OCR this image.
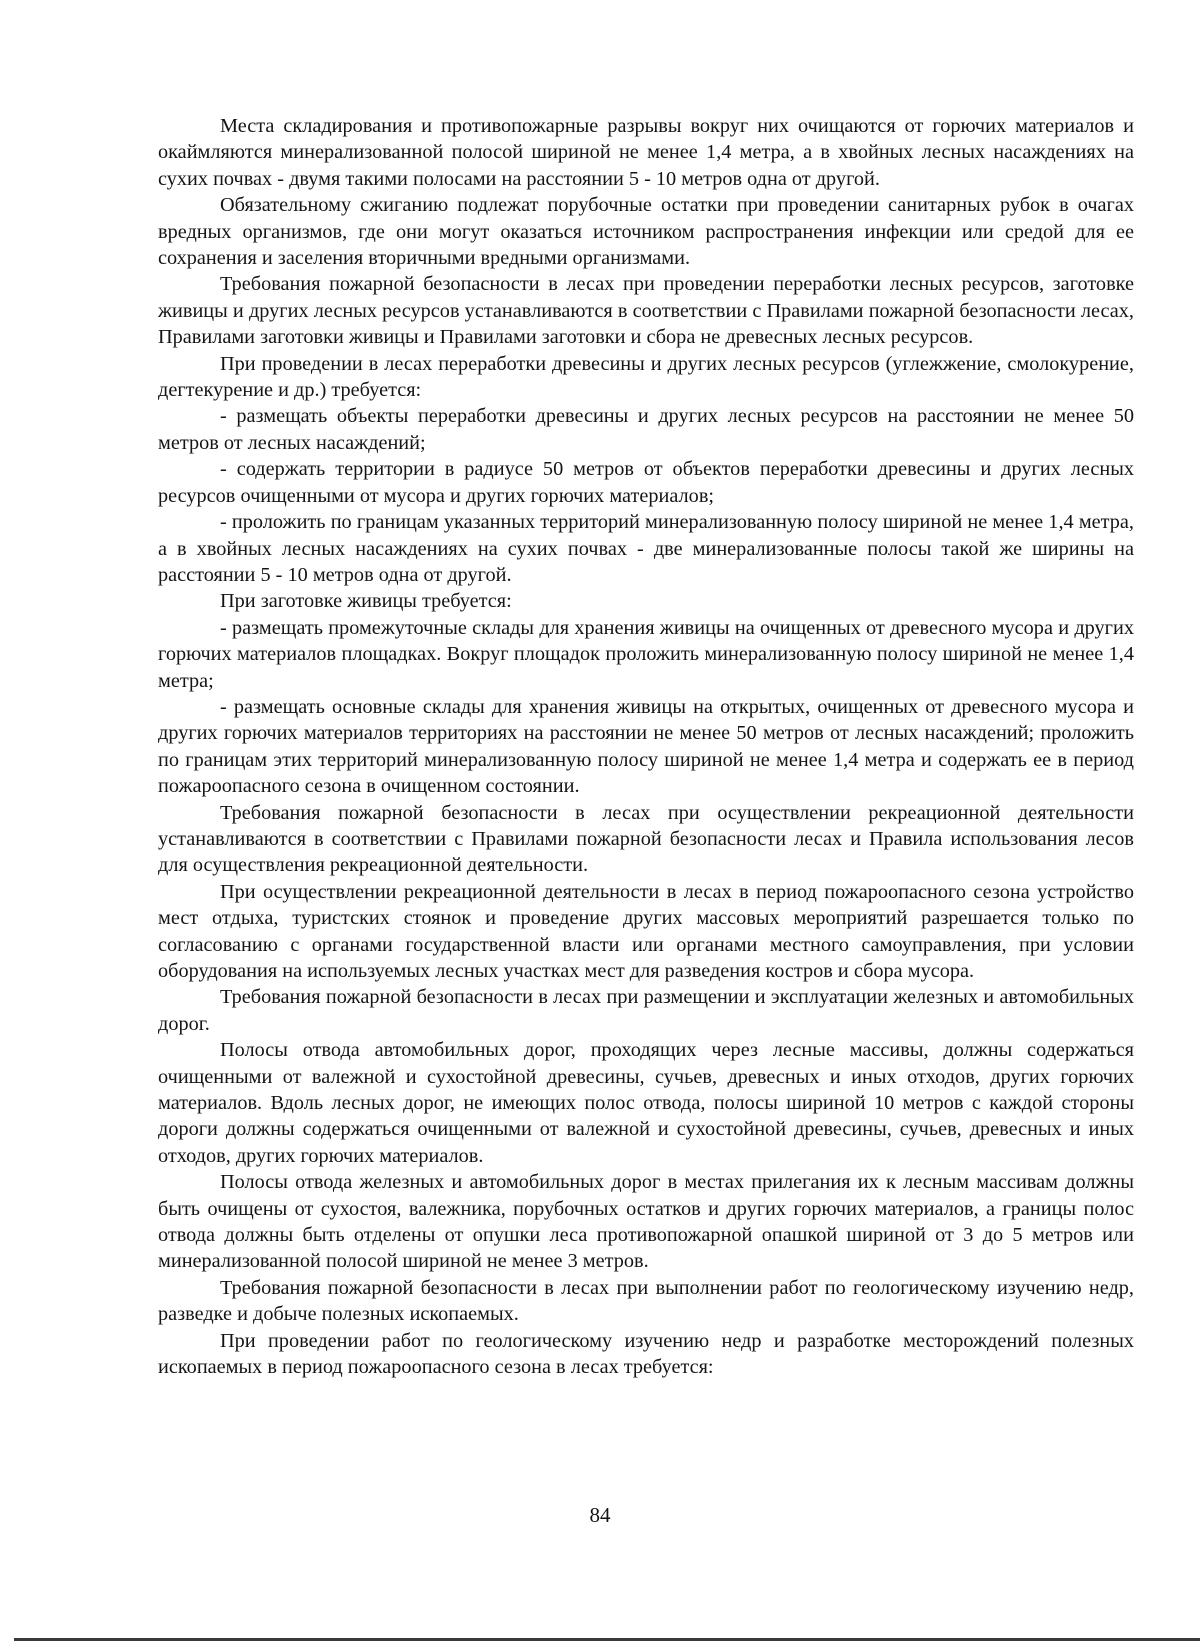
Места складирования и противопожарные разрывы вокруг них очищаются от горючих материалов и окаймляются минерализованной полосой шириной не менее 1,4 метра, а в хвойных лесных насаждениях на сухих почвах - двумя такими полосами на расстоянии 5 - 10 метров одна от другой.

Обязательному сжиганию подлежат порубочные остатки при проведении санитарных рубок в очагах вредных организмов, где они могут оказаться источником распространения инфекции или средой для ее сохранения и заселения вторичными вредными организмами.

Требования пожарной безопасности в лесах при проведении переработки лесных ресурсов, заготовке живицы и других лесных ресурсов устанавливаются в соответствии с Правилами пожарной безопасности лесах, Правилами заготовки живицы и Правилами заготовки и сбора не древесных лесных ресурсов.

При проведении в лесах переработки древесины и других лесных ресурсов (углежжение, смолокурение, дегтекурение и др.) требуется:

- размещать объекты переработки древесины и других лесных ресурсов на расстоянии не менее 50 метров от лесных насаждений;

- содержать территории в радиусе 50 метров от объектов переработки древесины и других лесных ресурсов очищенными от мусора и других горючих материалов;

- проложить по границам указанных территорий минерализованную полосу шириной не менее 1,4 метра, а в хвойных лесных насаждениях на сухих почвах - две минерализованные полосы такой же ширины на расстоянии 5 - 10 метров одна от другой.

При заготовке живицы требуется:

- размещать промежуточные склады для хранения живицы на очищенных от древесного мусора и других горючих материалов площадках. Вокруг площадок проложить минерализованную полосу шириной не менее 1,4 метра;

- размещать основные склады для хранения живицы на открытых, очищенных от древесного мусора и других горючих материалов территориях на расстоянии не менее 50 метров от лесных насаждений; проложить по границам этих территорий минерализованную полосу шириной не менее 1,4 метра и содержать ее в период пожароопасного сезона в очищенном состоянии.

Требования пожарной безопасности в лесах при осуществлении рекреационной деятельности устанавливаются в соответствии с Правилами пожарной безопасности лесах и Правила использования лесов для осуществления рекреационной деятельности.

При осуществлении рекреационной деятельности в лесах в период пожароопасного сезона устройство мест отдыха, туристских стоянок и проведение других массовых мероприятий разрешается только по согласованию с органами государственной власти или органами местного самоуправления, при условии оборудования на используемых лесных участках мест для разведения костров и сбора мусора.

Требования пожарной безопасности в лесах при размещении и эксплуатации железных и автомобильных дорог.

Полосы отвода автомобильных дорог, проходящих через лесные массивы, должны содержаться очищенными от валежной и сухостойной древесины, сучьев, древесных и иных отходов, других горючих материалов. Вдоль лесных дорог, не имеющих полос отвода, полосы шириной 10 метров с каждой стороны дороги должны содержаться очищенными от валежной и сухостойной древесины, сучьев, древесных и иных отходов, других горючих материалов.

Полосы отвода железных и автомобильных дорог в местах прилегания их к лесным массивам должны быть очищены от сухостоя, валежника, порубочных остатков и других горючих материалов, а границы полос отвода должны быть отделены от опушки леса противопожарной опашкой шириной от 3 до 5 метров или минерализованной полосой шириной не менее 3 метров.

Требования пожарной безопасности в лесах при выполнении работ по геологическому изучению недр, разведке и добыче полезных ископаемых.

При проведении работ по геологическому изучению недр и разработке месторождений полезных ископаемых в период пожароопасного сезона в лесах требуется:

84
